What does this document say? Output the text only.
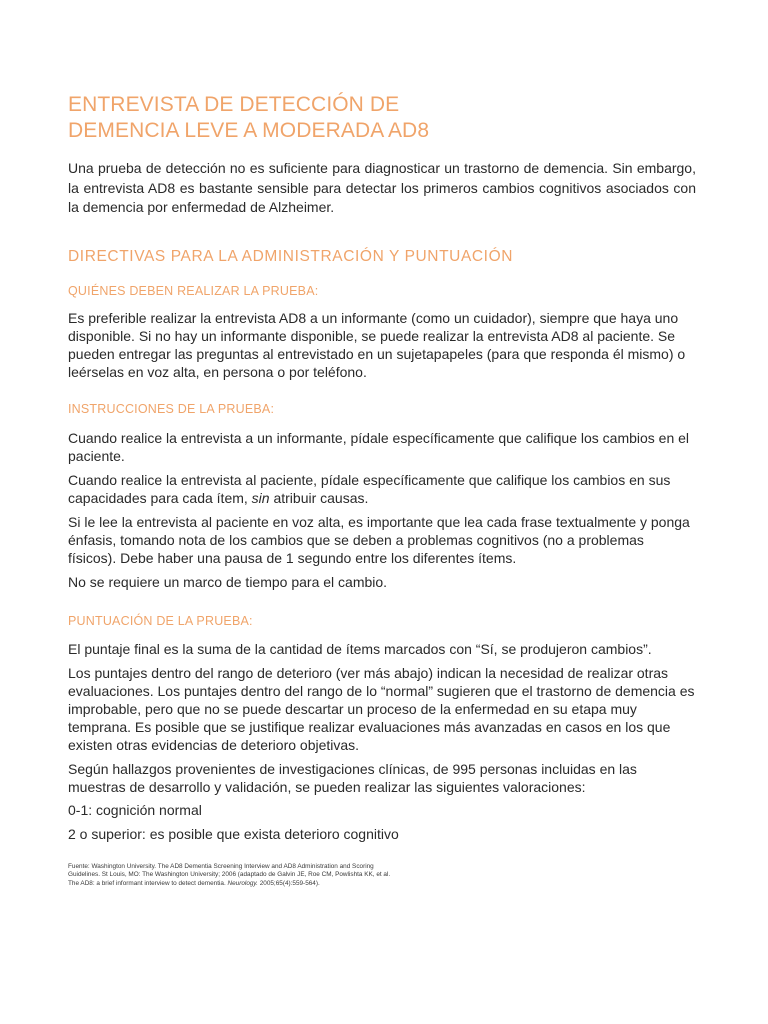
ENTREVISTA DE DETECCIÓN DE
DEMENCIA LEVE A MODERADA AD8

Una prueba de detección no es suficiente para diagnosticar un trastorno de demencia. Sin embargo, la entrevista AD8 es bastante sensible para detectar los primeros cambios cognitivos asociados con la demencia por enfermedad de Alzheimer.

DIRECTIVAS PARA LA ADMINISTRACIÓN Y PUNTUACIÓN
QUIÉNES DEBEN REALIZAR LA PRUEBA:

Es preferible realizar la entrevista AD8 a un informante (como un cuidador), siempre que haya uno disponible. Si no hay un informante disponible, se puede realizar la entrevista AD8 al paciente. Se pueden entregar las preguntas al entrevistado en un sujetapapeles (para que responda él mismo) o leérselas en voz alta, en persona o por teléfono.

INSTRUCCIONES DE LA PRUEBA:

Cuando realice la entrevista a un informante, pídale específicamente que califique los cambios en el paciente.

Cuando realice la entrevista al paciente, pídale específicamente que califique los cambios en sus capacidades para cada ítem, sin atribuir causas.

Si le lee la entrevista al paciente en voz alta, es importante que lea cada frase textualmente y ponga énfasis, tomando nota de los cambios que se deben a problemas cognitivos (no a problemas físicos). Debe haber una pausa de 1 segundo entre los diferentes ítems.

No se requiere un marco de tiempo para el cambio.

PUNTUACIÓN DE LA PRUEBA:

El puntaje final es la suma de la cantidad de ítems marcados con “Sí, se produjeron cambios”.

Los puntajes dentro del rango de deterioro (ver más abajo) indican la necesidad de realizar otras evaluaciones. Los puntajes dentro del rango de lo “normal” sugieren que el trastorno de demencia es improbable, pero que no se puede descartar un proceso de la enfermedad en su etapa muy temprana. Es posible que se justifique realizar evaluaciones más avanzadas en casos en los que existen otras evidencias de deterioro objetivas.

Según hallazgos provenientes de investigaciones clínicas, de 995 personas incluidas en las muestras de desarrollo y validación, se pueden realizar las siguientes valoraciones:

0-1: cognición normal

2 o superior: es posible que exista deterioro cognitivo

Fuente: Washington University. The AD8 Dementia Screening Interview and AD8 Administration and Scoring Guidelines. St Louis, MO: The Washington University; 2006 (adaptado de Galvin JE, Roe CM, Powlishta KK, et al. The AD8: a brief informant interview to detect dementia. Neurology. 2005;65(4):559-564).
